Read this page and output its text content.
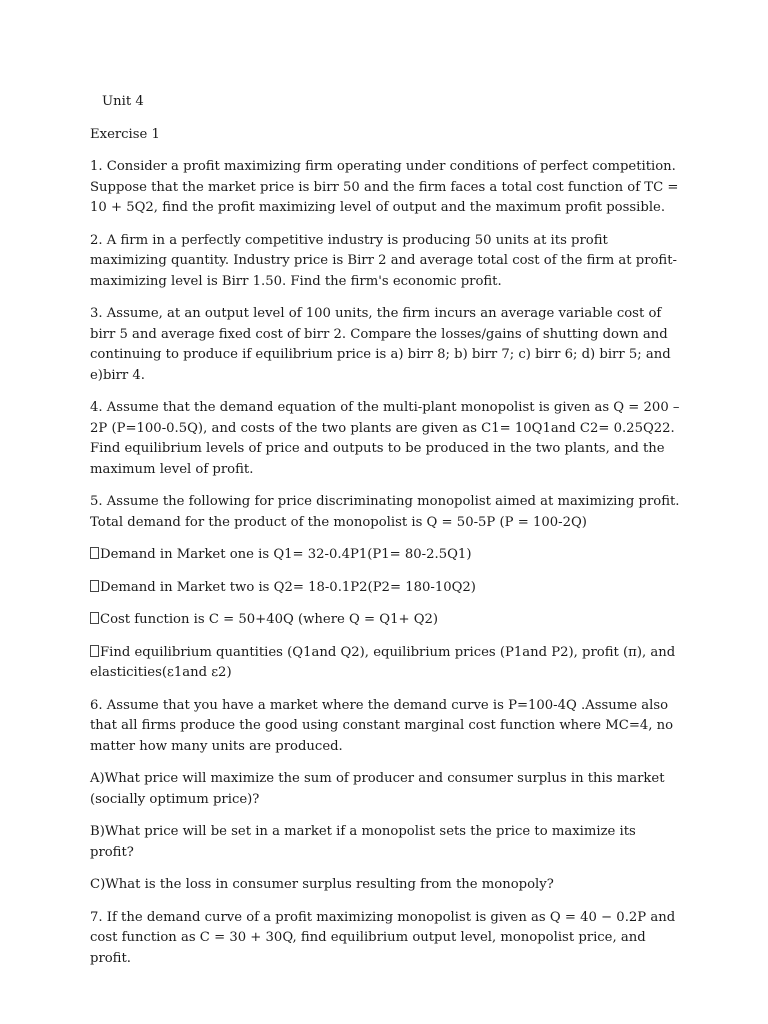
Unit 4
Exercise 1
1. Consider a profit maximizing firm operating under conditions of perfect competition. Suppose that the market price is birr 50 and the firm faces a total cost function of TC = 10 + 5Q2, find the profit maximizing level of output and the maximum profit possible.
2. A firm in a perfectly competitive industry is producing 50 units at its profit maximizing quantity. Industry price is Birr 2 and average total cost of the firm at profit-maximizing level is Birr 1.50. Find the firm's economic profit.
3. Assume, at an output level of 100 units, the firm incurs an average variable cost of birr 5 and average fixed cost of birr 2. Compare the losses/gains of shutting down and continuing to produce if equilibrium price is a) birr 8; b) birr 7; c) birr 6; d) birr 5; and e)birr 4.
4. Assume that the demand equation of the multi-plant monopolist is given as Q = 200 –2P (P=100-0.5Q), and costs of the two plants are given as C1= 10Q1and C2= 0.25Q22. Find equilibrium levels of price and outputs to be produced in the two plants, and the maximum level of profit.
5. Assume the following for price discriminating monopolist aimed at maximizing profit. Total demand for the product of the monopolist is Q = 50-5P (P = 100-2Q)
Demand in Market one is Q1= 32-0.4P1(P1= 80-2.5Q1)
Demand in Market two is Q2= 18-0.1P2(P2= 180-10Q2)
Cost function is C = 50+40Q (where Q = Q1+ Q2)
Find equilibrium quantities (Q1and Q2), equilibrium prices (P1and P2), profit (π), and elasticities(ε1and ε2)
6. Assume that you have a market where the demand curve is P=100-4Q .Assume also that all firms produce the good using constant marginal cost function where MC=4, no matter how many units are produced.
A)What price will maximize the sum of producer and consumer surplus in this market (socially optimum price)?
B)What price will be set in a market if a monopolist sets the price to maximize its profit?
C)What is the loss in consumer surplus resulting from the monopoly?
7. If the demand curve of a profit maximizing monopolist is given as Q = 40 − 0.2P and cost function as C = 30 + 30Q, find equilibrium output level, monopolist price, and profit.
